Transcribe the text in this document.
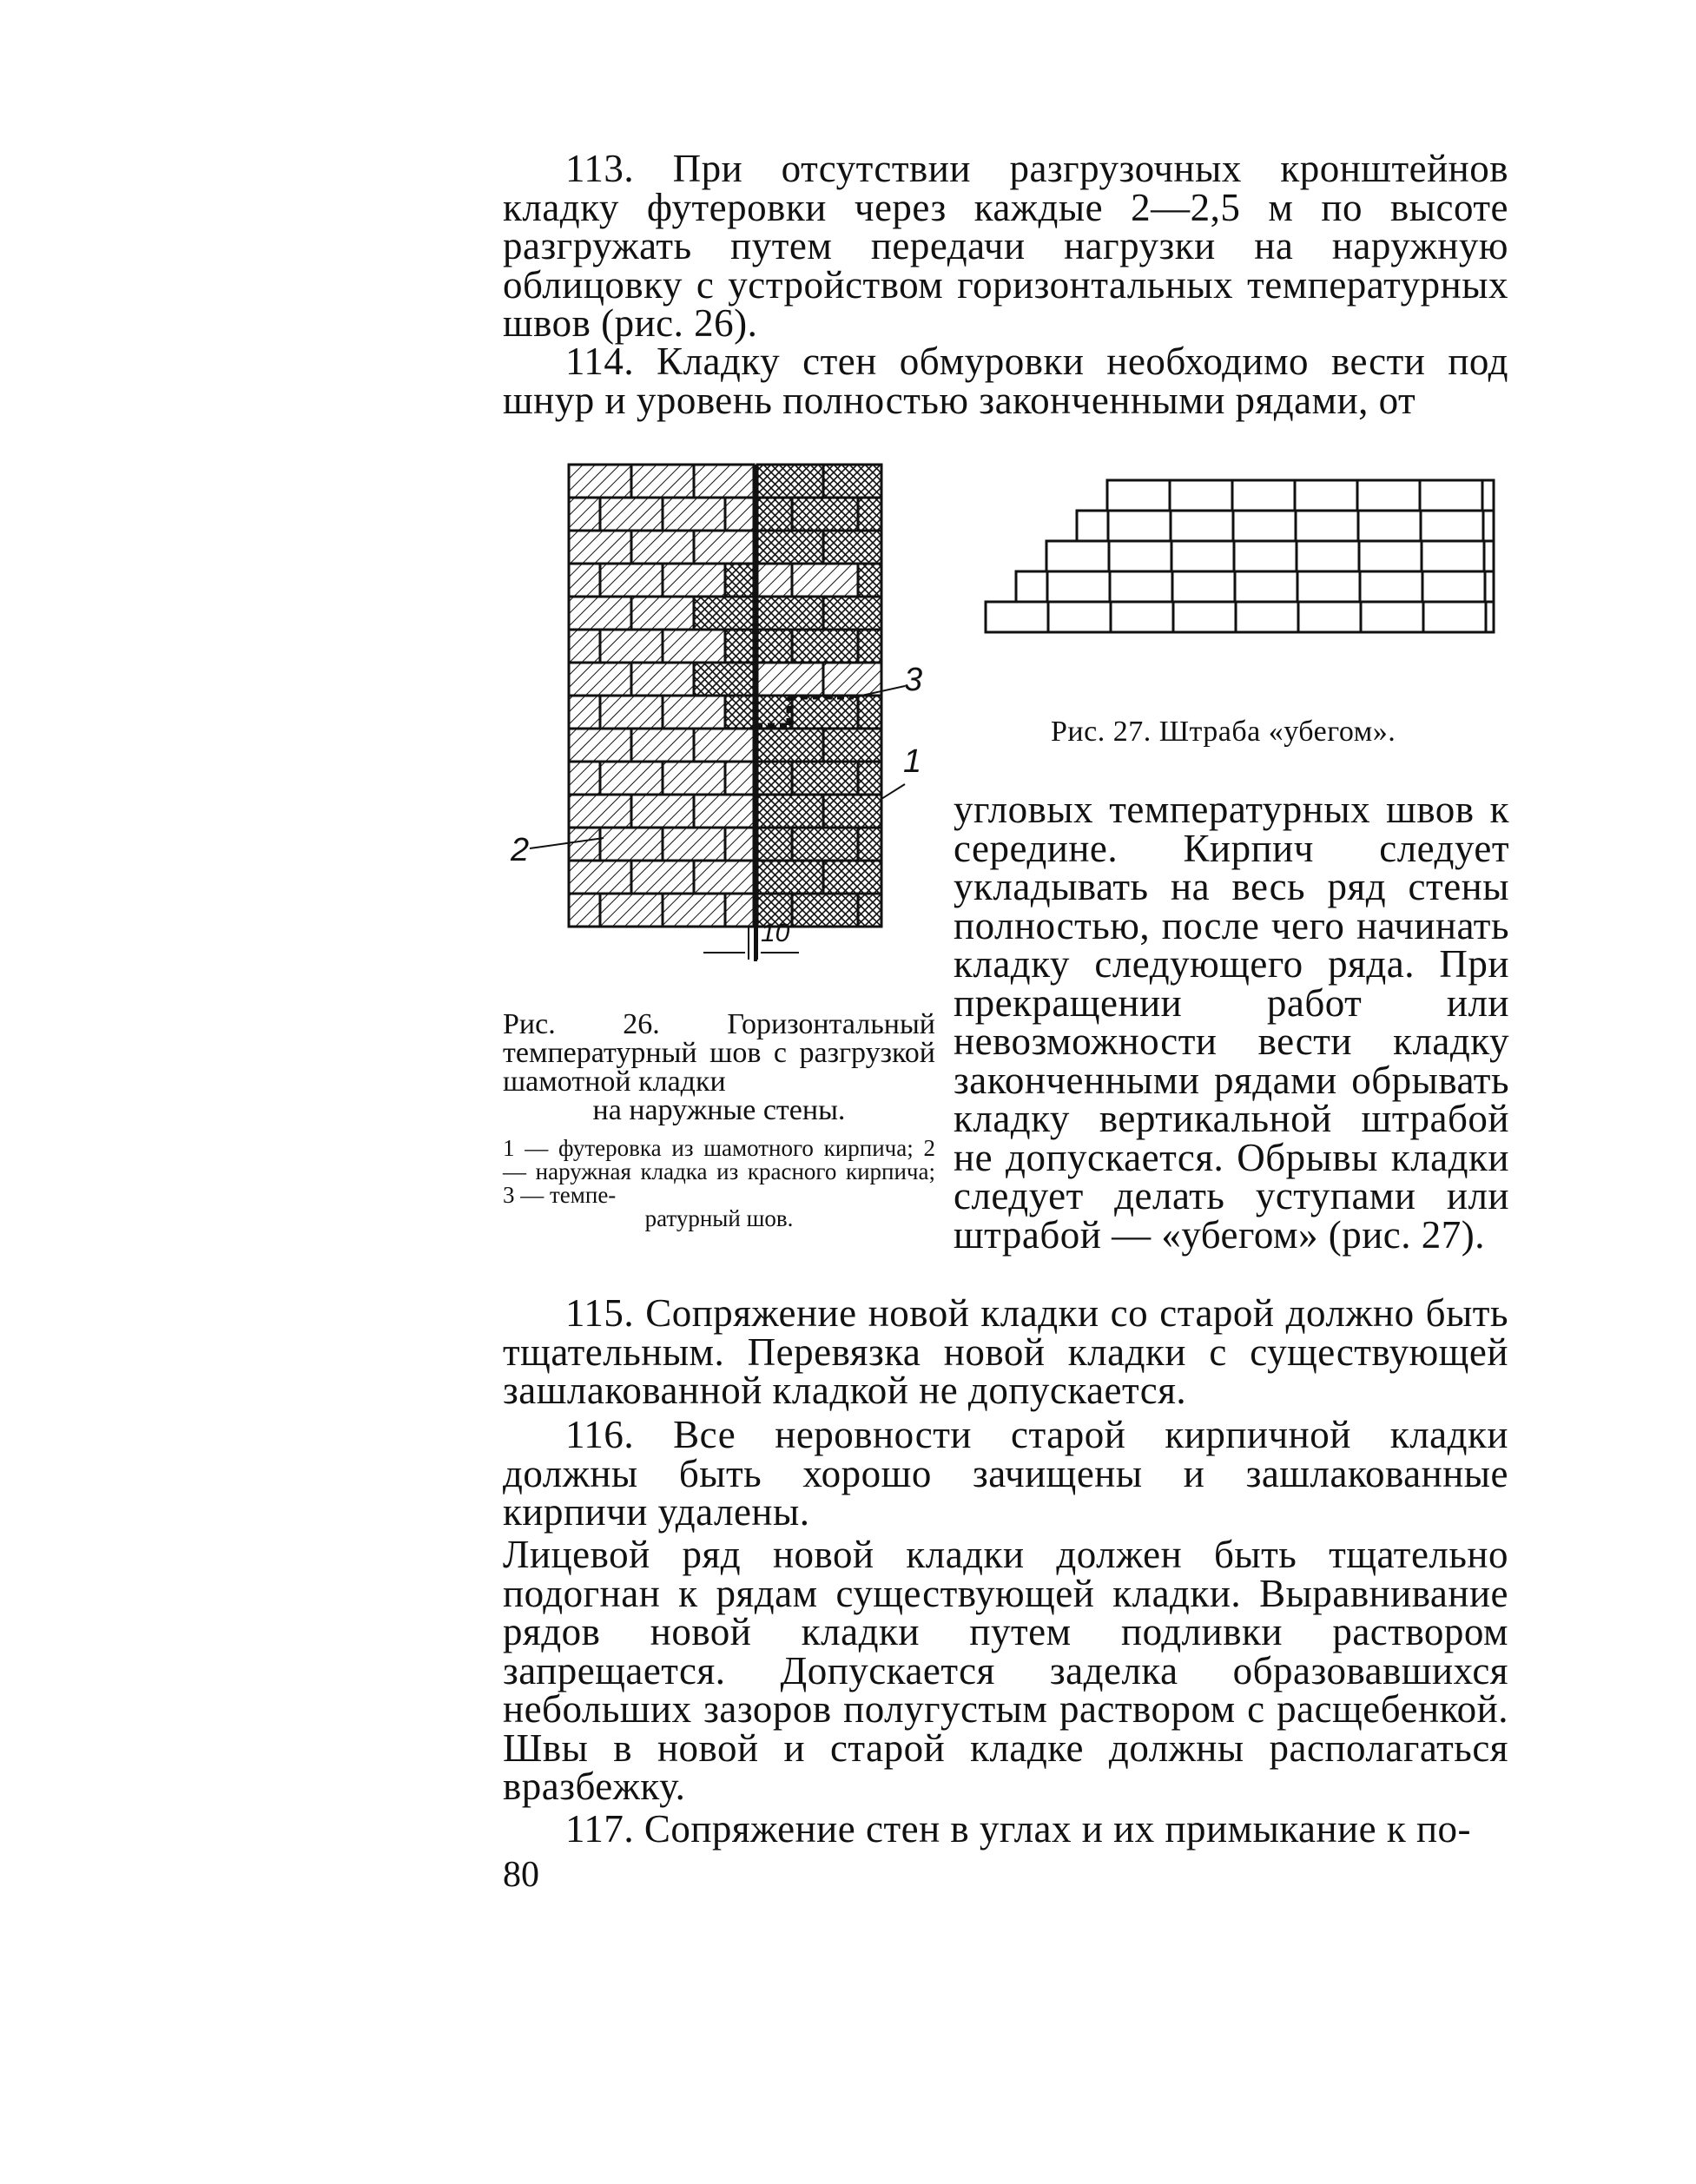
113. При отсутствии разгрузочных кронштейнов кладку футеровки через каждые 2—2,5 м по высоте разгружать путем передачи нагрузки на наружную облицовку с устройством горизонтальных температурных швов (рис. 26).

114. Кладку стен обмуровки необходимо вести под шнур и уровень полностью законченными рядами, от

3

1

2

10

Рис. 27. Штраба «убегом».

угловых температурных швов к середине. Кирпич следует укладывать на весь ряд стены полностью, после чего начинать кладку следующего ряда. При прекращении работ или невозможности вести кладку законченными рядами обрывать кладку вертикальной штрабой не допускается. Обрывы кладки следует делать уступами или штрабой — «убегом» (рис. 27).

Рис. 26. Горизонтальный температурный шов с разгрузкой шамотной кладки
на наружные стены.

1 — футеровка из шамотного кирпича; 2 — наружная кладка из красного кирпича; 3 — темпе-
ратурный шов.

115. Сопряжение новой кладки со старой должно быть тщательным. Перевязка новой кладки с существующей зашлакованной кладкой не допускается.

116. Все неровности старой кирпичной кладки должны быть хорошо зачищены и зашлакованные кирпичи удалены.

Лицевой ряд новой кладки должен быть тщательно подогнан к рядам существующей кладки. Выравнивание рядов новой кладки путем подливки раствором запрещается. Допускается заделка образовавшихся небольших зазоров полугустым раствором с расщебенкой. Швы в новой и старой кладке должны располагаться вразбежку.

117. Сопряжение стен в углах и их примыкание к по-

80
